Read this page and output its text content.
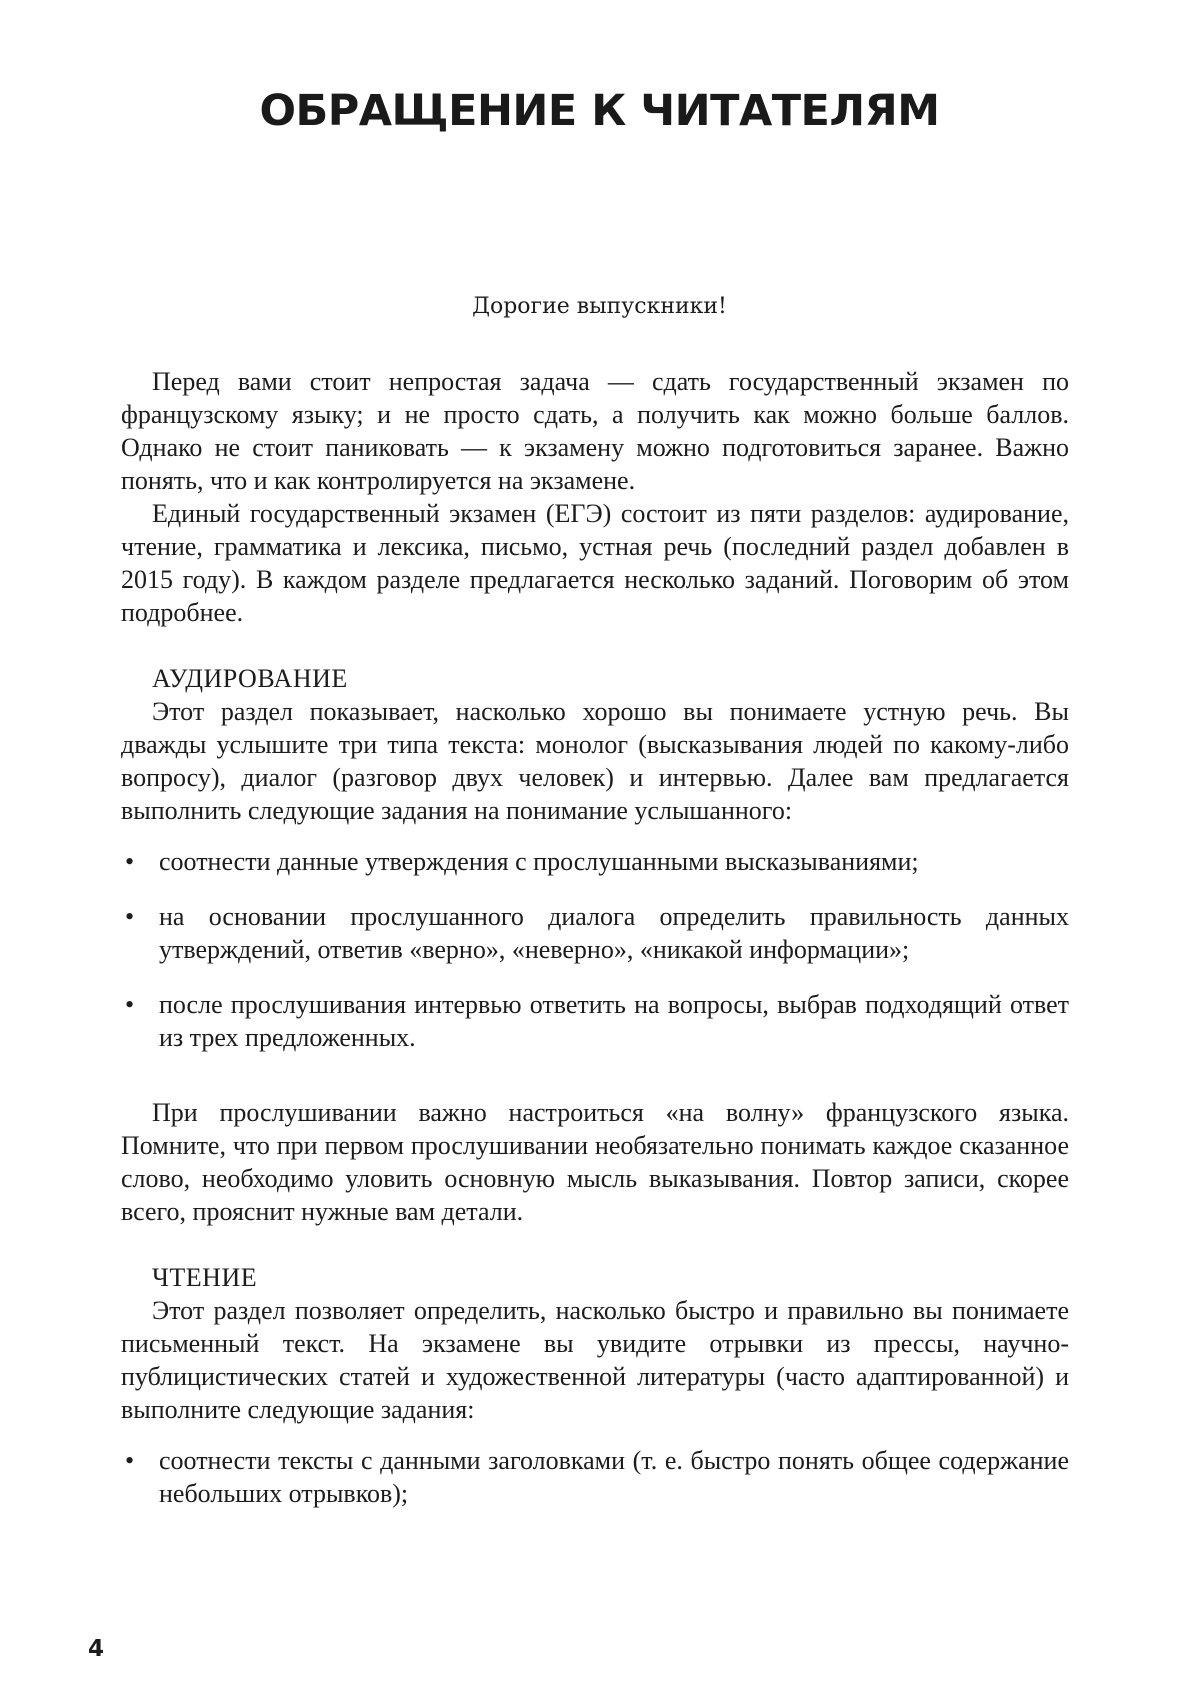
ОБРАЩЕНИЕ К ЧИТАТЕЛЯМ
Дорогие выпускники!

Перед вами стоит непростая задача — сдать государственный экзамен по французскому языку; и не просто сдать, а получить как можно больше баллов. Однако не стоит паниковать — к экзамену можно подготовиться заранее. Важно понять, что и как контролируется на экзамене.

Единый государственный экзамен (ЕГЭ) состоит из пяти разделов: аудирование, чтение, грамматика и лексика, письмо, устная речь (последний раздел добавлен в 2015 году). В каждом разделе предлагается несколько заданий. Поговорим об этом подробнее.

АУДИРОВАНИЕ

Этот раздел показывает, насколько хорошо вы понимаете устную речь. Вы дважды услышите три типа текста: монолог (высказывания людей по какому-либо вопросу), диалог (разговор двух человек) и интервью. Далее вам предлагается выполнить следующие задания на понимание услышанного:

• соотнести данные утверждения с прослушанными высказываниями;
• на основании прослушанного диалога определить правильность данных утверждений, ответив «верно», «неверно», «никакой информации»;
• после прослушивания интервью ответить на вопросы, выбрав подходящий ответ из трех предложенных.

При прослушивании важно настроиться «на волну» французского языка. Помните, что при первом прослушивании необязательно понимать каждое сказанное слово, необходимо уловить основную мысль выказывания. Повтор записи, скорее всего, прояснит нужные вам детали.

ЧТЕНИЕ

Этот раздел позволяет определить, насколько быстро и правильно вы понимаете письменный текст. На экзамене вы увидите отрывки из прессы, научно-публицистических статей и художественной литературы (часто адаптированной) и выполните следующие задания:

• соотнести тексты с данными заголовками (т. е. быстро понять общее содержание небольших отрывков);
4
